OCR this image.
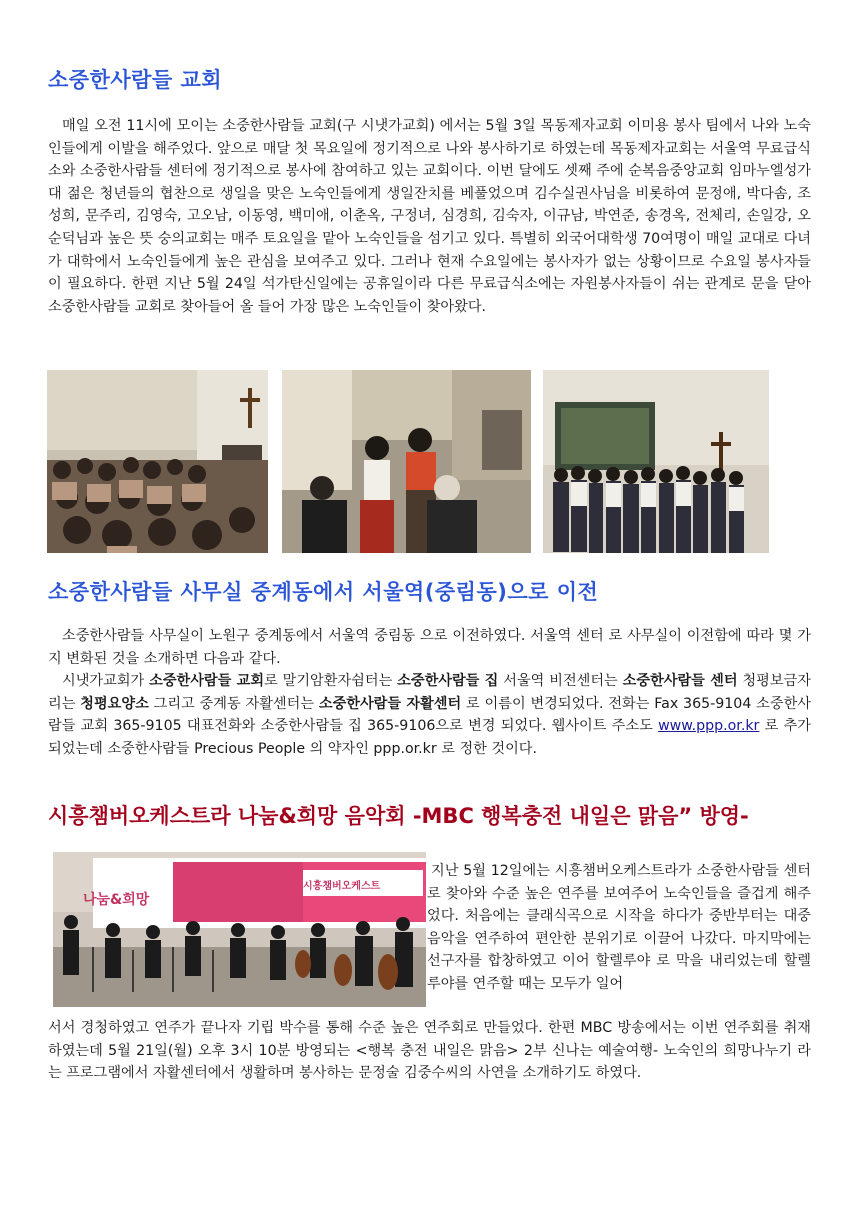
소중한사람들 교회

매일 오전 11시에 모이는 소중한사람들 교회(구 시냇가교회) 에서는 5월 3일 목동제자교회 이미용 봉사 팀에서 나와 노숙인들에게 이발을 해주었다. 앞으로 매달 첫 목요일에 정기적으로 나와 봉사하기로 하였는데 목동제자교회는 서울역 무료급식소와 소중한사람들 센터에 정기적으로 봉사에 참여하고 있는 교회이다. 이번 달에도 셋째 주에 순복음중앙교회 임마누엘성가대 젊은 청년들의 협찬으로 생일을 맞은 노숙인들에게 생일잔치를 베풀었으며 김수실권사님을 비롯하여 문정애, 박다솜, 조성희, 문주리, 김영숙, 고오남, 이동영, 백미애, 이춘옥, 구정녀, 심경희, 김숙자, 이규남, 박연준, 송경옥, 전체리, 손일강, 오순덕님과 높은 뜻 숭의교회는 매주 토요일을 맡아 노숙인들을 섬기고 있다. 특별히 외국어대학생 70여명이 매일 교대로 다녀가 대학에서 노숙인들에게 높은 관심을 보여주고 있다. 그러나 현재 수요일에는 봉사자가 없는 상황이므로 수요일 봉사자들이 필요하다. 한편 지난 5월 24일 석가탄신일에는 공휴일이라 다른 무료급식소에는 자원봉사자들이 쉬는 관계로 문을 닫아 소중한사람들 교회로 찾아들어 올 들어 가장 많은 노숙인들이 찾아왔다.

소중한사람들 사무실 중계동에서 서울역(중림동)으로 이전

소중한사람들 사무실이 노원구 중계동에서 서울역 중림동 으로 이전하였다. 서울역 센터 로 사무실이 이전함에 따라 몇 가지 변화된 것을 소개하면 다음과 같다.

시냇가교회가 소중한사람들 교회로 말기암환자쉼터는 소중한사람들 집 서울역 비전센터는 소중한사람들 센터 청평보금자리는 청평요양소 그리고 중계동 자활센터는 소중한사람들 자활센터 로 이름이 변경되었다. 전화는 Fax 365-9104 소중한사람들 교회 365-9105 대표전화와 소중한사람들 집 365-9106으로 변경 되었다. 웹사이트 주소도 www.ppp.or.kr 로 추가 되었는데 소중한사람들 Precious People 의 약자인 ppp.or.kr 로 정한 것이다.

시흥챔버오케스트라 나눔&희망 음악회 -MBC 행복충전 내일은 맑음” 방영-
나눔&희망
시흥챔버오케스트

지난 5월 12일에는 시흥챔버오케스트라가 소중한사람들 센터로 찾아와 수준 높은 연주를 보여주어 노숙인들을 즐겁게 해주었다. 처음에는 클래식곡으로 시작을 하다가 중반부터는 대중음악을 연주하여 편안한 분위기로 이끌어 나갔다. 마지막에는 선구자를 합창하였고 이어 할렐루야 로 막을 내리었는데 할렐루야를 연주할 때는 모두가 일어

서서 경청하였고 연주가 끝나자 기립 박수를 통해 수준 높은 연주회로 만들었다. 한편 MBC 방송에서는 이번 연주회를 취재하였는데 5월 21일(월) 오후 3시 10분 방영되는 <행복 충전 내일은 맑음> 2부 신나는 예술여행- 노숙인의 희망나누기 라는 프로그램에서 자활센터에서 생활하며 봉사하는 문정술 김중수씨의 사연을 소개하기도 하였다.
